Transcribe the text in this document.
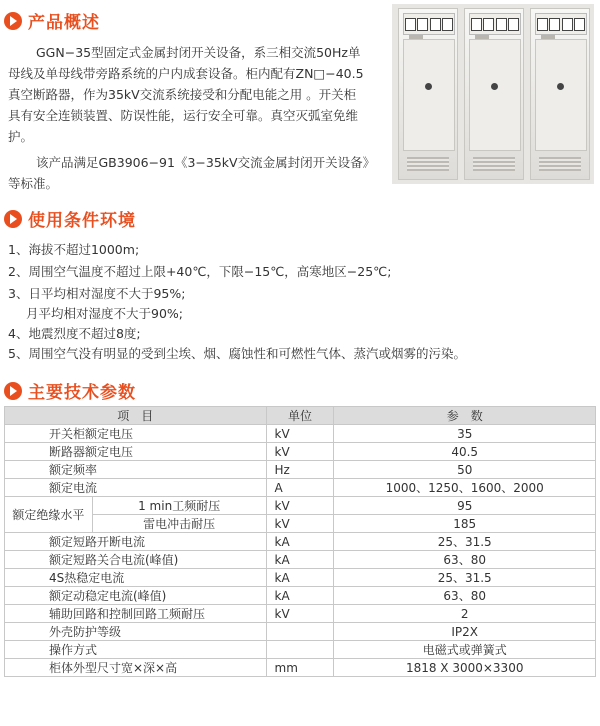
产品概述
GGN−35型固定式金属封闭开关设备，系三相交流50Hz单
母线及单母线带旁路系统的户内成套设备。柜内配有ZN□−40.5
真空断路器，作为35kV交流系统接受和分配电能之用 。开关柜
具有安全连锁装置、防误性能，运行安全可靠。真空灭弧室免维
护。
该产品满足GB3906−91《3−35kV交流金属封闭开关设备》
等标准。
使用条件环境
1、海拔不超过1000m;
2、周围空气温度不超过上限+40℃，下限−15℃，高寒地区−25℃;
3、日平均相对湿度不大于95%;
月平均相对湿度不大于90%;
4、地震烈度不超过8度;
5、周围空气没有明显的受到尘埃、烟、腐蚀性和可燃性气体、蒸汽或烟雾的污染。
主要技术参数
项　目		单位	参　数
开关柜额定电压		kV	35
断路器额定电压		kV	40.5
额定频率		Hz	50
额定电流		A	1000、1250、1600、2000
额定绝缘水平	1 min工频耐压	kV	95
	雷电冲击耐压	kV	185
额定短路开断电流		kA	25、31.5
额定短路关合电流(峰值)		kA	63、80
4S热稳定电流		kA	25、31.5
额定动稳定电流(峰值)		kA	63、80
辅助回路和控制回路工频耐压		kV	2
外壳防护等级			IP2X
操作方式			电磁式或弹簧式
柜体外型尺寸宽×深×高		mm	1818 X 3000×3300
